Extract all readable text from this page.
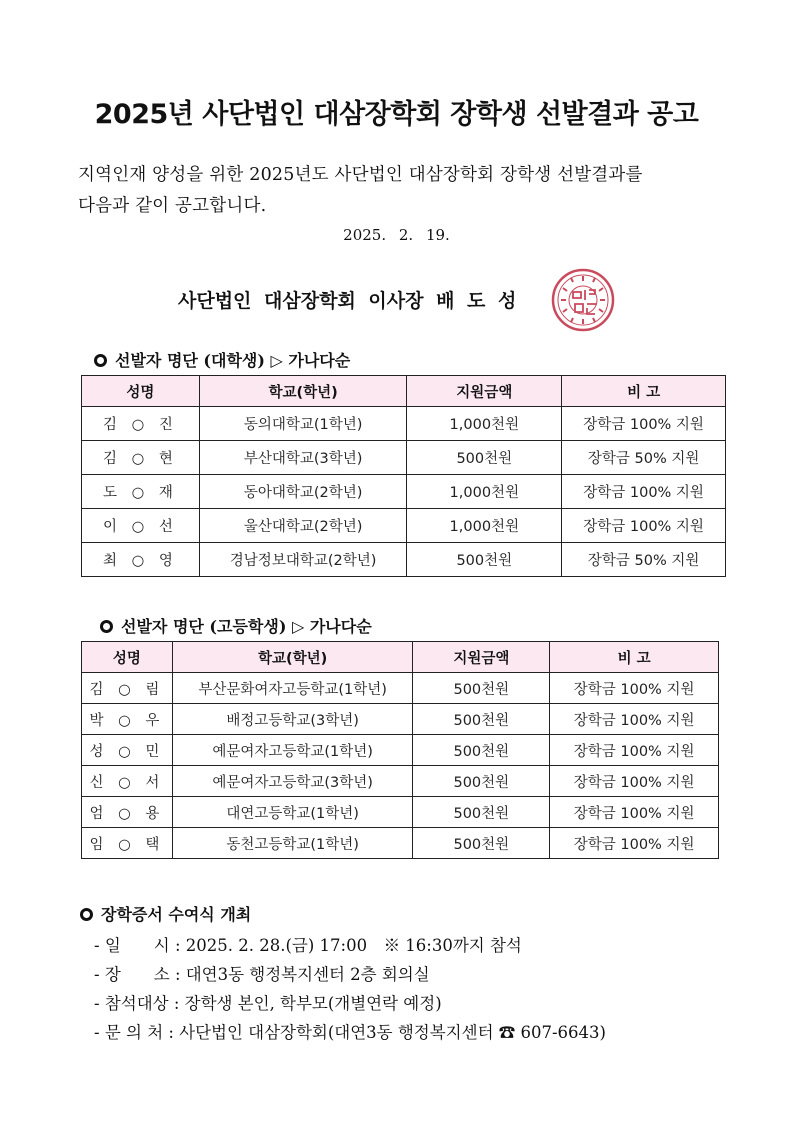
2025년 사단법인 대삼장학회 장학생 선발결과 공고
지역인재 양성을 위한 2025년도 사단법인 대삼장학회 장학생 선발결과를
다음과 같이 공고합니다.
2025. 2. 19.
사단법인 대삼장학회 이사장 배 도 성
선발자 명단 (대학생) ▷ 가나다순
성명	학교(학년)	지원금액	비 고
김 ○ 진	동의대학교(1학년)	1,000천원	장학금 100% 지원
김 ○ 현	부산대학교(3학년)	500천원	장학금 50% 지원
도 ○ 재	동아대학교(2학년)	1,000천원	장학금 100% 지원
이 ○ 선	울산대학교(2학년)	1,000천원	장학금 100% 지원
최 ○ 영	경남정보대학교(2학년)	500천원	장학금 50% 지원
선발자 명단 (고등학생) ▷ 가나다순
성명	학교(학년)	지원금액	비 고
김 ○ 림	부산문화여자고등학교(1학년)	500천원	장학금 100% 지원
박 ○ 우	배정고등학교(3학년)	500천원	장학금 100% 지원
성 ○ 민	예문여자고등학교(1학년)	500천원	장학금 100% 지원
신 ○ 서	예문여자고등학교(3학년)	500천원	장학금 100% 지원
엄 ○ 용	대연고등학교(1학년)	500천원	장학금 100% 지원
임 ○ 택	동천고등학교(1학년)	500천원	장학금 100% 지원
장학증서 수여식 개최
- 일　　시 : 2025. 2. 28.(금) 17:00　※ 16:30까지 참석
- 장　　소 : 대연3동 행정복지센터 2층 회의실
- 참석대상 : 장학생 본인, 학부모(개별연락 예정)
- 문 의 처 : 사단법인 대삼장학회(대연3동 행정복지센터 ☎ 607-6643)
